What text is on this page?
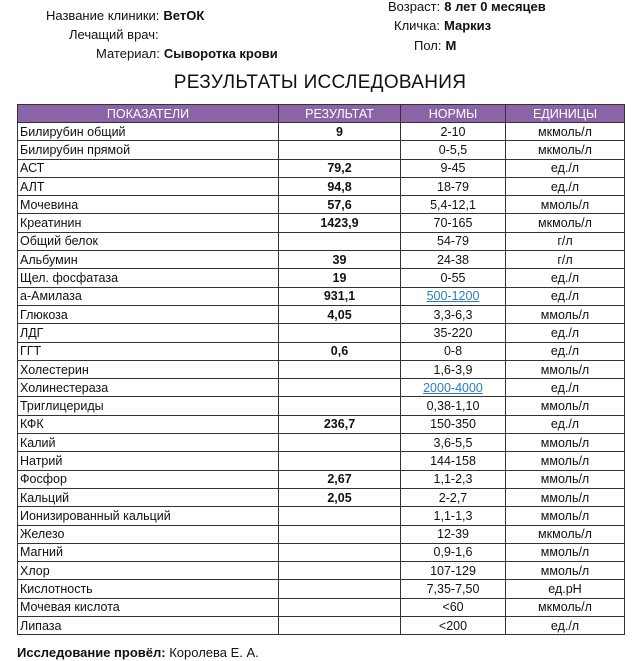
Название клиники: ВетОК
Лечащий врач:
Материал: Сыворотка крови
Возраст: 8 лет 0 месяцев
Кличка: Маркиз
Пол: М
РЕЗУЛЬТАТЫ ИССЛЕДОВАНИЯ
ПОКАЗАТЕЛИ	РЕЗУЛЬТАТ	НОРМЫ	ЕДИНИЦЫ
Билирубин общий	9	2-10	мкмоль/л
Билирубин прямой		0-5,5	мкмоль/л
АСТ	79,2	9-45	ед./л
АЛТ	94,8	18-79	ед./л
Мочевина	57,6	5,4-12,1	ммоль/л
Креатинин	1423,9	70-165	мкмоль/л
Общий белок		54-79	г/л
Альбумин	39	24-38	г/л
Щел. фосфатаза	19	0-55	ед./л
а-Амилаза	931,1	500-1200	ед./л
Глюкоза	4,05	3,3-6,3	ммоль/л
ЛДГ		35-220	ед./л
ГГТ	0,6	0-8	ед./л
Холестерин		1,6-3,9	ммоль/л
Холинестераза		2000-4000	ед./л
Триглицериды		0,38-1,10	ммоль/л
КФК	236,7	150-350	ед./л
Калий		3,6-5,5	ммоль/л
Натрий		144-158	ммоль/л
Фосфор	2,67	1,1-2,3	ммоль/л
Кальций	2,05	2-2,7	ммоль/л
Ионизированный кальций		1,1-1,3	ммоль/л
Железо		12-39	мкмоль/л
Магний		0,9-1,6	ммоль/л
Хлор		107-129	ммоль/л
Кислотность		7,35-7,50	ед.pH
Мочевая кислота		<60	мкмоль/л
Липаза		<200	ед./л
Исследование провёл: Королева Е. А.
